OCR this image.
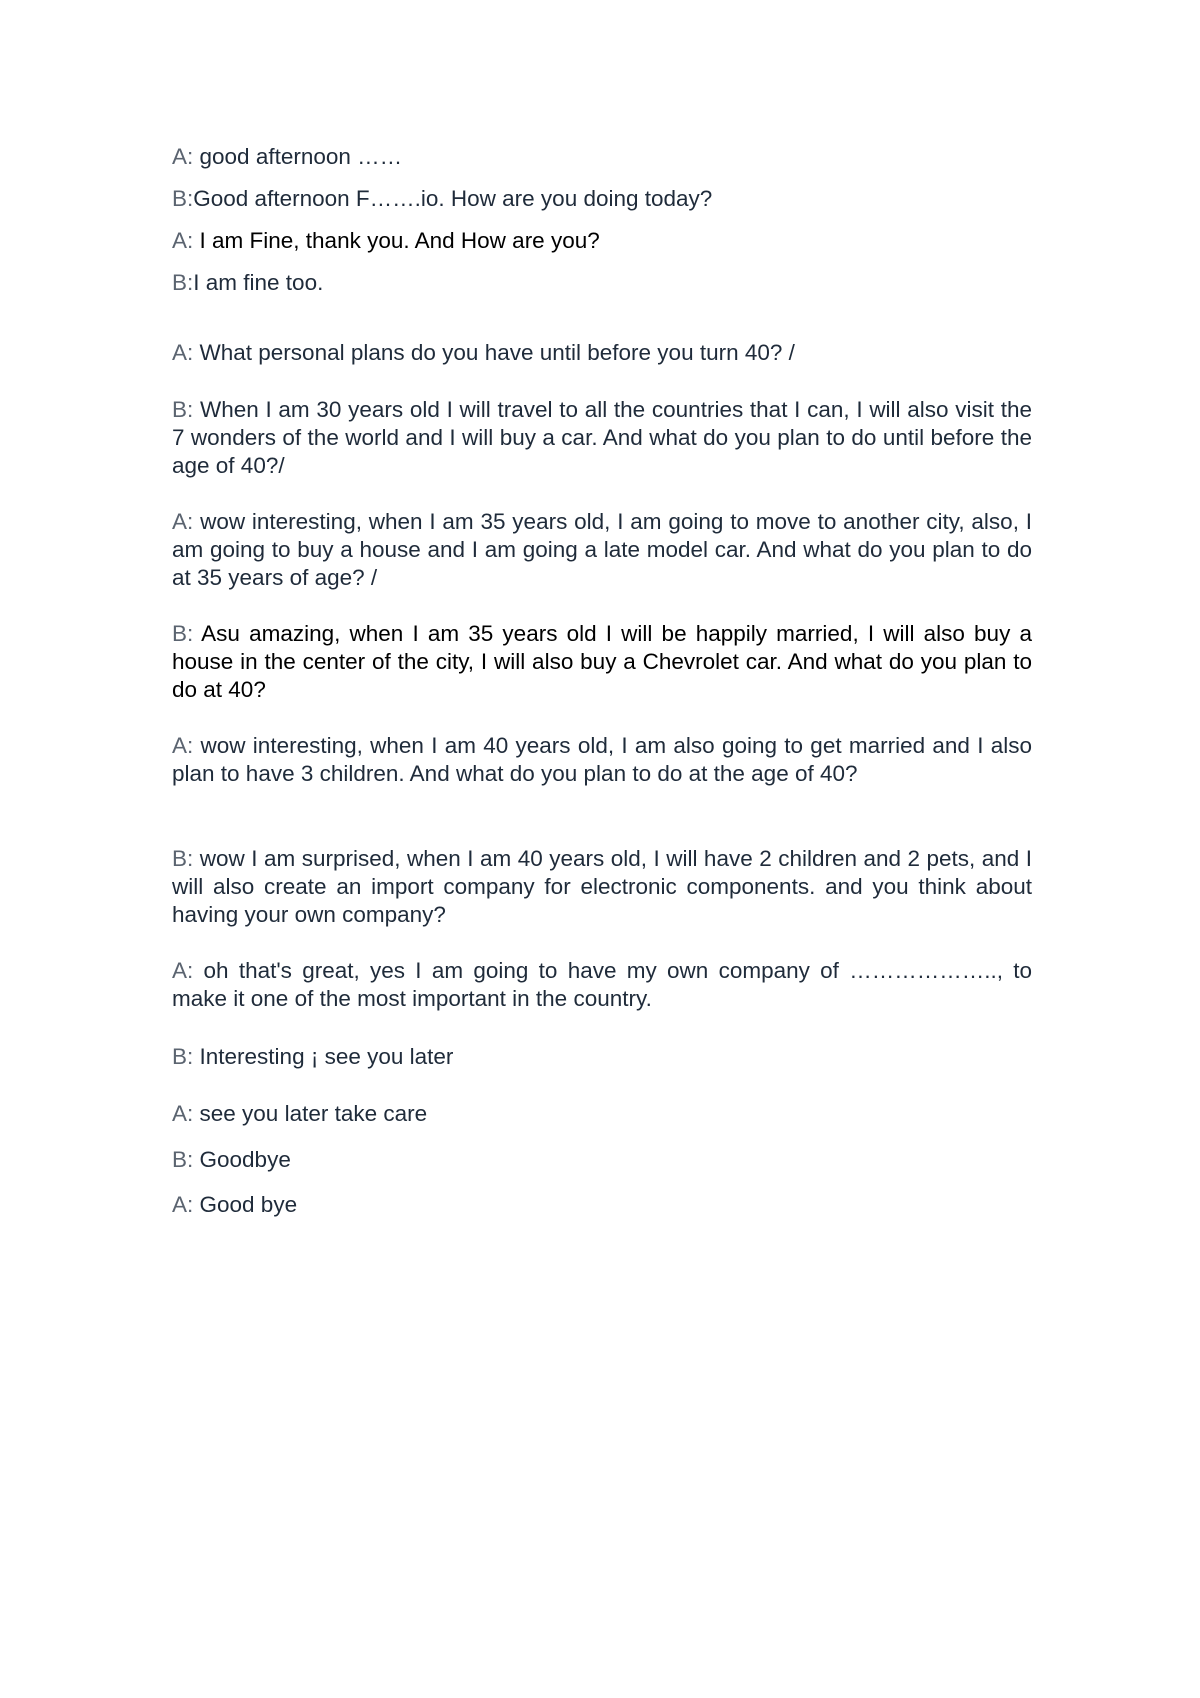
A: good afternoon ……
B:Good afternoon F…….io. How are you doing today?
A: I am Fine, thank you. And How are you?
B:I am fine too.
A: What personal plans do you have until before you turn 40? /
B: When I am 30 years old I will travel to all the countries that I can, I will also visit the 7 wonders of the world and I will buy a car. And what do you plan to do until before the age of 40?/
A: wow interesting, when I am 35 years old, I am going to move to another city, also, I am going to buy a house and I am going a late model car. And what do you plan to do at 35 years of age? /
B: Asu amazing, when I am 35 years old I will be happily married, I will also buy a house in the center of the city, I will also buy a Chevrolet car. And what do you plan to do at 40?
A: wow interesting, when I am 40 years old, I am also going to get married and I also plan to have 3 children. And what do you plan to do at the age of 40?
B: wow I am surprised, when I am 40 years old, I will have 2 children and 2 pets, and I will also create an import company for electronic components. and you think about having your own company?
A: oh that's great, yes I am going to have my own company of ……………….., to make it one of the most important in the country.
B: Interesting ¡ see you later
A: see you later take care
B: Goodbye
A: Good bye
